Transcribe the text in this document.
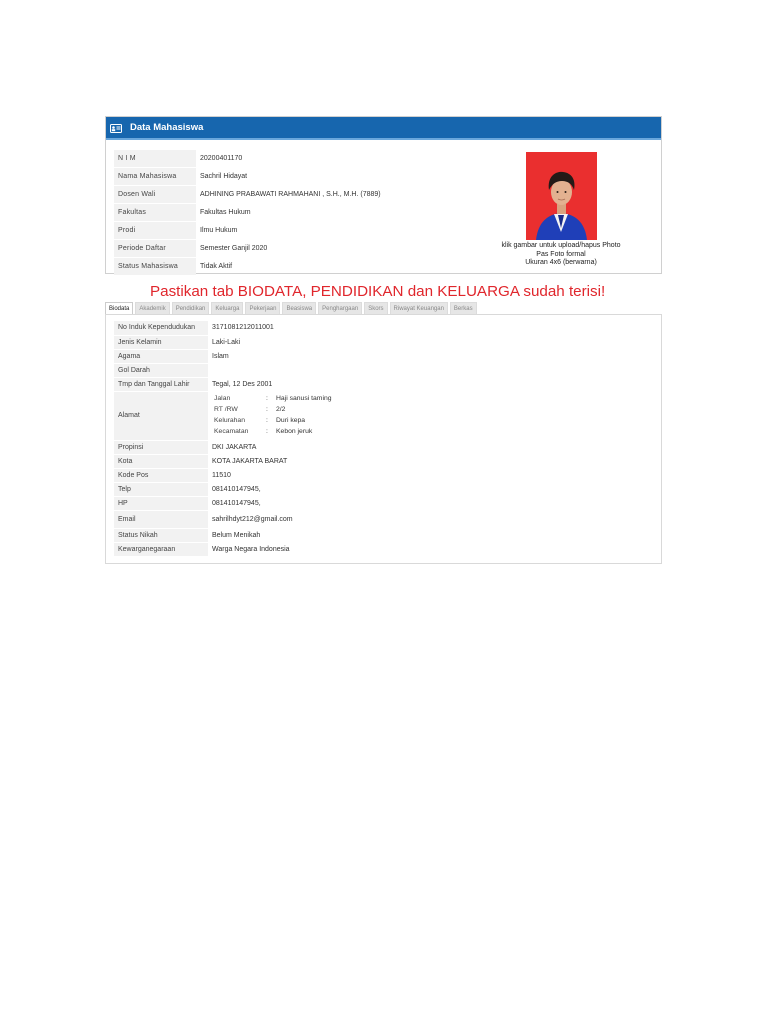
Data Mahasiswa
N I M	20200401170
Nama Mahasiswa	Sachril Hidayat
Dosen Wali	ADHINING PRABAWATI RAHMAHANI , S.H., M.H. (7889)
Fakultas	Fakultas Hukum
Prodi	Ilmu Hukum
Periode Daftar	Semester Ganjil 2020
Status Mahasiswa	Tidak Aktif
klik gambar untuk upload/hapus Photo
Pas Foto formal
Ukuran 4x6 (berwarna)
Pastikan tab BIODATA, PENDIDIKAN dan KELUARGA sudah terisi!
Biodata	Akademik	Pendidikan	Keluarga	Pekerjaan	Beasiswa	Penghargaan	Skors	Riwayat Keuangan	Berkas
No Induk Kependudukan	3171081212011001
Jenis Kelamin	Laki-Laki
Agama	Islam
Gol Darah	
Tmp dan Tanggal Lahir	Tegal, 12 Des 2001
Alamat	
Jalan	:	Haji sanusi taming
RT /RW	:	2/2
Kelurahan	:	Duri kepa
Kecamatan	:	Kebon jeruk

Propinsi	DKI JAKARTA
Kota	KOTA JAKARTA BARAT
Kode Pos	11510
Telp	081410147945,
HP	081410147945,
Email	sahrilhdyt212@gmail.com
Status Nikah	Belum Menikah
Kewarganegaraan	Warga Negara Indonesia
